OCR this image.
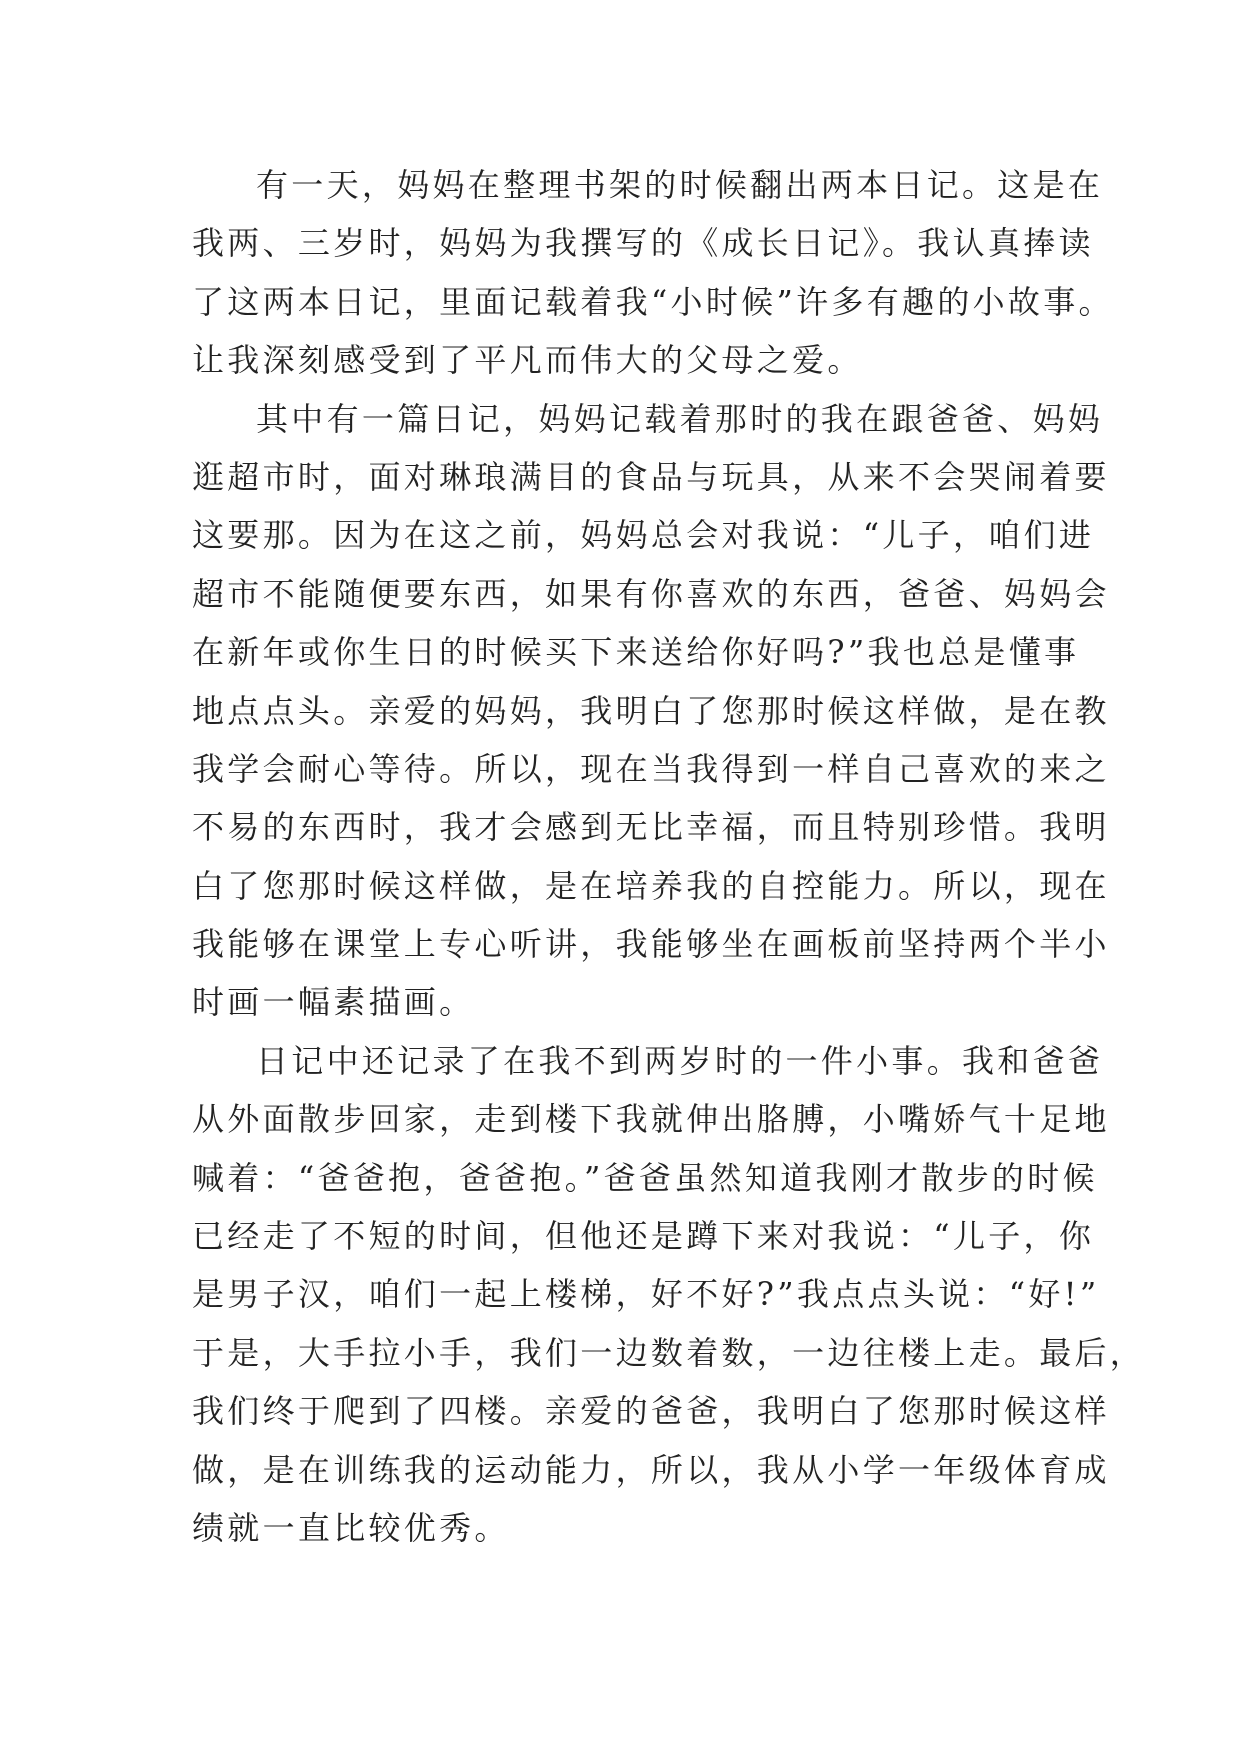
有一天，妈妈在整理书架的时候翻出两本日记。这是在
我两、三岁时，妈妈为我撰写的《成长日记》。我认真捧读
了这两本日记，里面记载着我“小时候”许多有趣的小故事。
让我深刻感受到了平凡而伟大的父母之爱。
其中有一篇日记，妈妈记载着那时的我在跟爸爸、妈妈
逛超市时，面对琳琅满目的食品与玩具，从来不会哭闹着要
这要那。因为在这之前，妈妈总会对我说：“儿子，咱们进
超市不能随便要东西，如果有你喜欢的东西，爸爸、妈妈会
在新年或你生日的时候买下来送给你好吗?”我也总是懂事
地点点头。亲爱的妈妈，我明白了您那时候这样做，是在教
我学会耐心等待。所以，现在当我得到一样自己喜欢的来之
不易的东西时，我才会感到无比幸福，而且特别珍惜。我明
白了您那时候这样做，是在培养我的自控能力。所以，现在
我能够在课堂上专心听讲，我能够坐在画板前坚持两个半小
时画一幅素描画。
日记中还记录了在我不到两岁时的一件小事。我和爸爸
从外面散步回家，走到楼下我就伸出胳膊，小嘴娇气十足地
喊着：“爸爸抱，爸爸抱。”爸爸虽然知道我刚才散步的时候
已经走了不短的时间，但他还是蹲下来对我说：“儿子，你
是男子汉，咱们一起上楼梯，好不好?”我点点头说：“好!”
于是，大手拉小手，我们一边数着数，一边往楼上走。最后，
我们终于爬到了四楼。亲爱的爸爸，我明白了您那时候这样
做，是在训练我的运动能力，所以，我从小学一年级体育成
绩就一直比较优秀。
